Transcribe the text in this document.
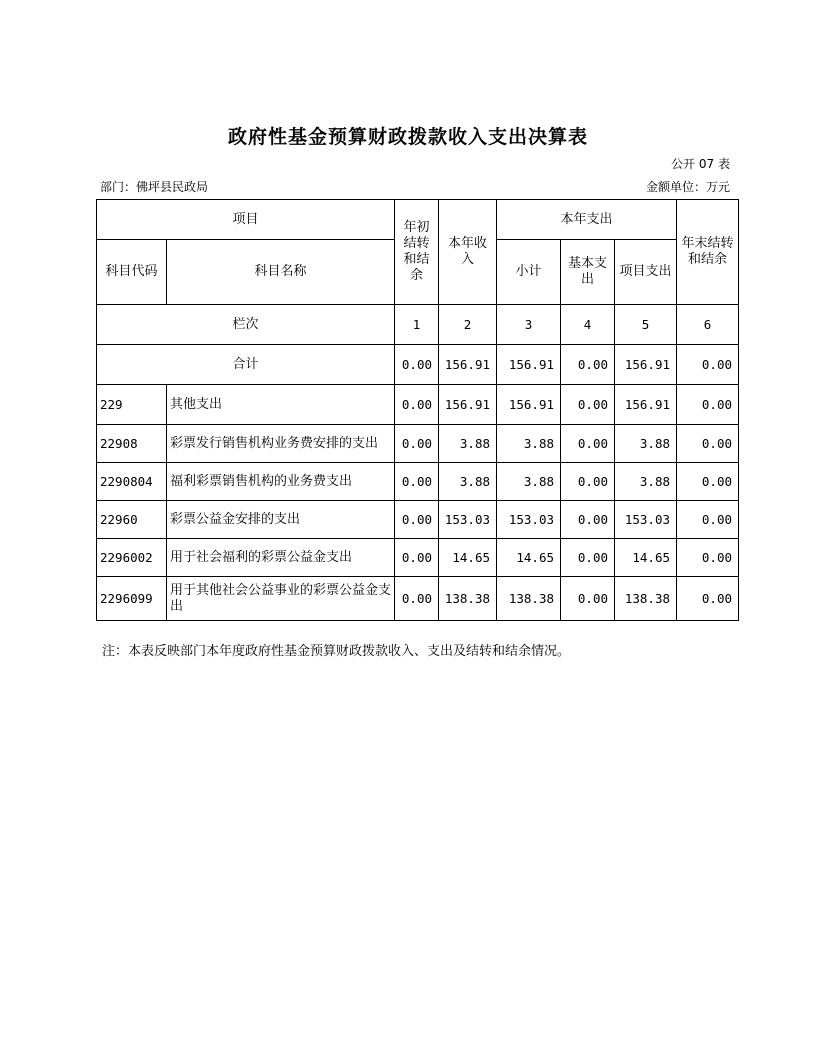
政府性基金预算财政拨款收入支出决算表
公开 07 表
部门：佛坪县民政局	金额单位：万元
项目		年初结转和结余	本年收入	本年支出			年末结转和结余
科目代码	科目名称			小计	基本支出	项目支出	
栏次		1	2	3	4	5	6
合计		0.00	156.91	156.91	0.00	156.91	0.00
229	其他支出	0.00	156.91	156.91	0.00	156.91	0.00
22908	彩票发行销售机构业务费安排的支出	0.00	3.88	3.88	0.00	3.88	0.00
2290804	福利彩票销售机构的业务费支出	0.00	3.88	3.88	0.00	3.88	0.00
22960	彩票公益金安排的支出	0.00	153.03	153.03	0.00	153.03	0.00
2296002	用于社会福利的彩票公益金支出	0.00	14.65	14.65	0.00	14.65	0.00
2296099	用于其他社会公益事业的彩票公益金支出	0.00	138.38	138.38	0.00	138.38	0.00
注：本表反映部门本年度政府性基金预算财政拨款收入、支出及结转和结余情况。
